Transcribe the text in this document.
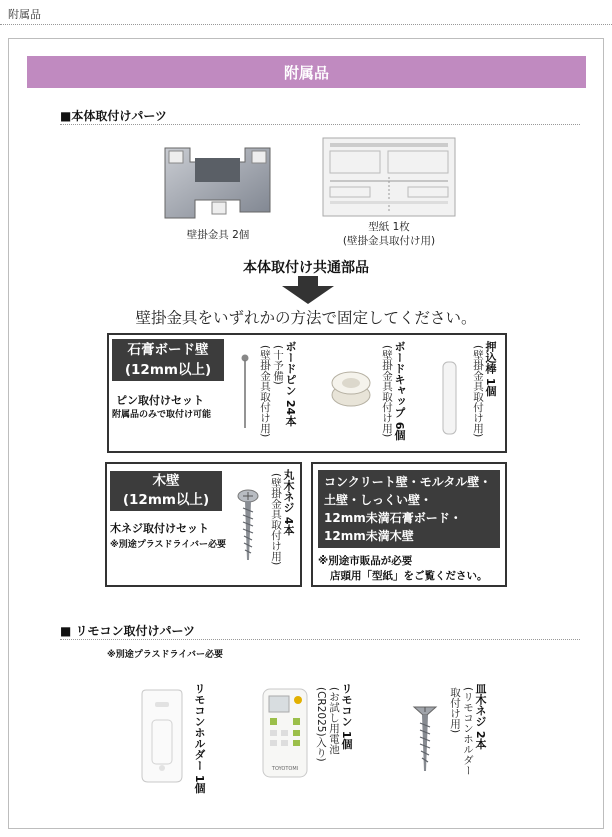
附属品
附属品
■本体取付けパーツ
壁掛金具 2個
型紙 1枚
(壁掛金具取付け用)
本体取付け共通部品
壁掛金具をいずれかの方法で固定してください。
石膏ボード壁
(12mm以上)
ピン取付けセット
附属品のみで取付け可能	ボードピン 24本
(十予備)
(壁掛金具取付け用)	ボードキャップ 6個
(壁掛金具取付け用)	押込棒 1個
(壁掛金具取付け用)
木壁
(12mm以上)
木ネジ取付けセット
※別途プラスドライバー必要
丸木ネジ 4本
(壁掛金具取付け用)	コンクリート壁・モルタル壁・
土壁・しっくい壁・
12mm未満石膏ボード・
12mm未満木壁
※別途市販品が必要
店頭用「型紙」をご覧ください。
■ リモコン取付けパーツ
※別途プラスドライバー必要
リモコンホルダー 1個	TOYOTOMI
リモコン 1個
(お試し用電池
(CR2025)入り)	皿木ネジ 2本
(リモコンホルダー
取付け用)
